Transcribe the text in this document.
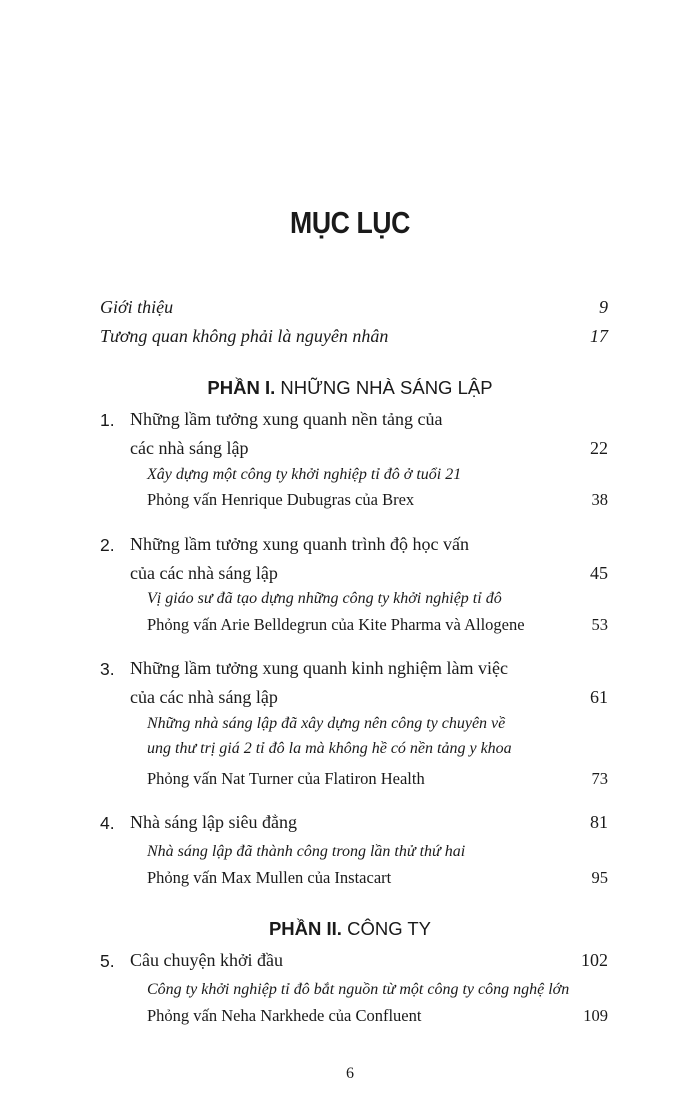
MỤC LỤC
Giới thiệu	9
Tương quan không phải là nguyên nhân	17
PHẦN I. NHỮNG NHÀ SÁNG LẬP
1. Những lầm tưởng xung quanh nền tảng của
các nhà sáng lập	22
Xây dựng một công ty khởi nghiệp tỉ đô ở tuổi 21
Phỏng vấn Henrique Dubugras của Brex	38
2. Những lầm tưởng xung quanh trình độ học vấn
của các nhà sáng lập	45
Vị giáo sư đã tạo dựng những công ty khởi nghiệp tỉ đô
Phỏng vấn Arie Belldegrun của Kite Pharma và Allogene	53
3. Những lầm tưởng xung quanh kinh nghiệm làm việc
của các nhà sáng lập	61
Những nhà sáng lập đã xây dựng nên công ty chuyên về
ung thư trị giá 2 tỉ đô la mà không hề có nền tảng y khoa
Phỏng vấn Nat Turner của Flatiron Health	73
4. Nhà sáng lập siêu đẳng	81
Nhà sáng lập đã thành công trong lần thử thứ hai
Phỏng vấn Max Mullen của Instacart	95
PHẦN II. CÔNG TY
5. Câu chuyện khởi đầu	102
Công ty khởi nghiệp tỉ đô bắt nguồn từ một công ty công nghệ lớn
Phỏng vấn Neha Narkhede của Confluent	109
6
